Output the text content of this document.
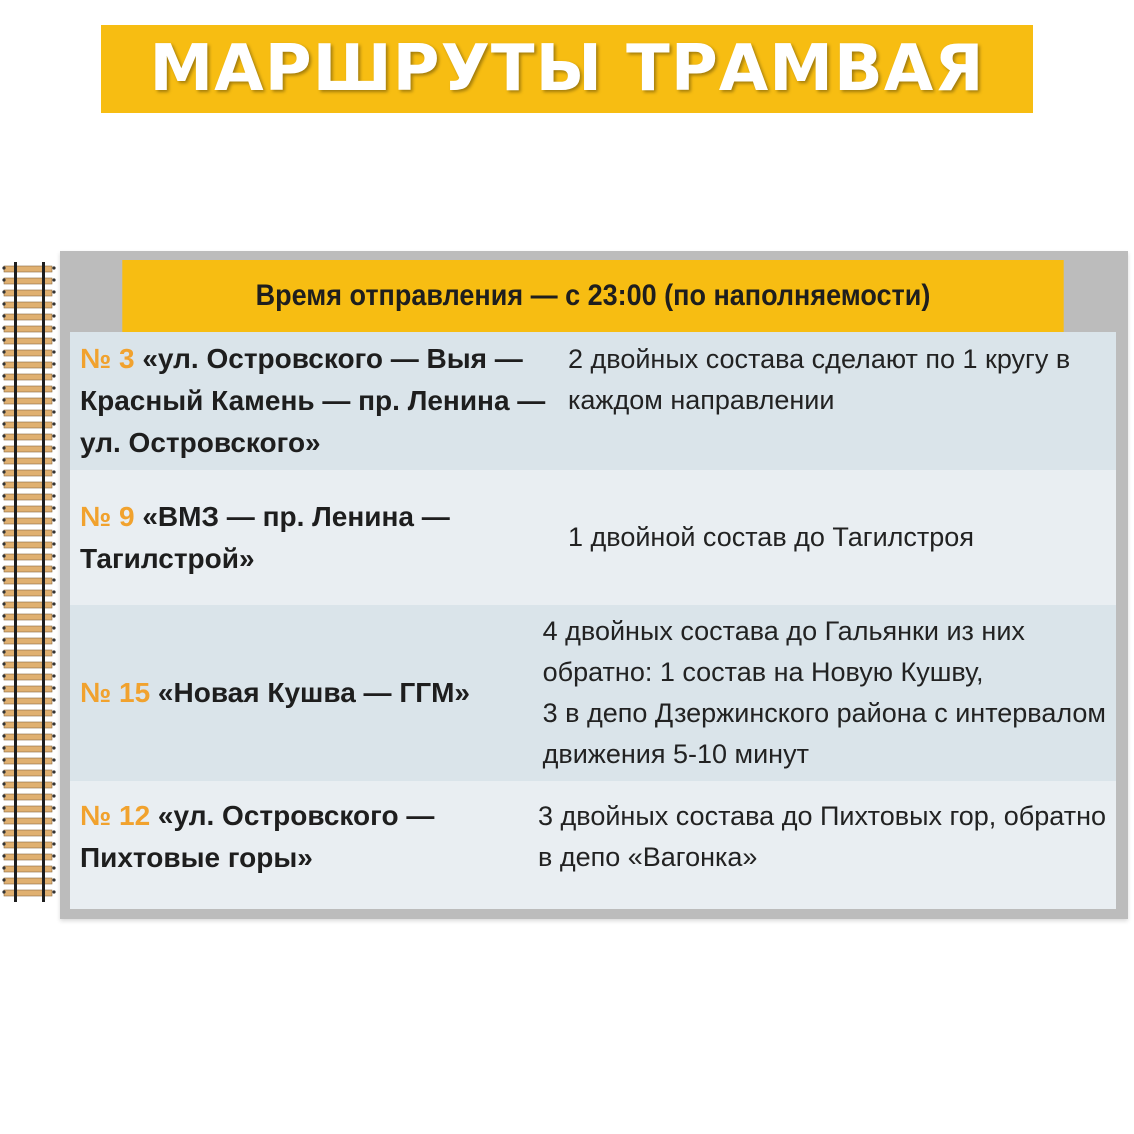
МАРШРУТЫ ТРАМВАЯ
Время отправления — с 23:00 (по наполняемости)
№ 3 «ул. Островского — Выя —
Красный Камень — пр. Ленина —
ул. Островского»
2 двойных состава сделают по 1 кругу в
каждом направлении
№ 9 «ВМЗ — пр. Ленина —
Тагилстрой»
1 двойной состав до Тагилстроя
№ 15 «Новая Кушва — ГГМ»
4 двойных состава до Гальянки из них
обратно: 1 состав на Новую Кушву,
3 в депо Дзержинского района с интервалом
движения 5-10 минут
№ 12 «ул. Островского —
Пихтовые горы»
3 двойных состава до Пихтовых гор, обратно
в депо «Вагонка»
